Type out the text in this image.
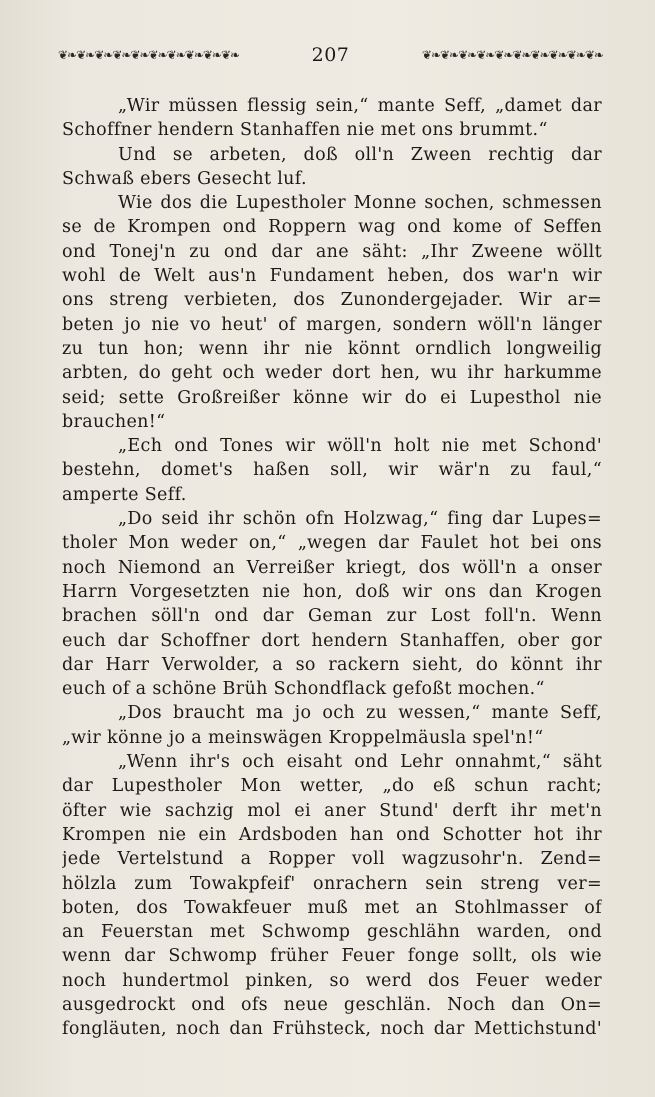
❦❧❦❧❦❧❦❧❦❧❦❧❦❧❦❧❦❧❦❧	207	❦❧❦❧❦❧❦❧❦❧❦❧❦❧❦❧❦❧❦❧
„Wir müssen flessig sein,“ mante Seff, „damet dar
Schoffner hendern Stanhaffen nie met ons brummt.“
Und se arbeten, doß oll'n Zween rechtig dar
Schwaß ebers Gesecht luf.
Wie dos die Lupestholer Monne sochen, schmessen
se de Krompen ond Roppern wag ond kome of Seffen
ond Tonej'n zu ond dar ane säht: „Ihr Zweene wöllt
wohl de Welt aus'n Fundament heben, dos war'n wir
ons streng verbieten, dos Zunondergejader. Wir ar=
beten jo nie vo heut' of margen, sondern wöll'n länger
zu tun hon; wenn ihr nie könnt orndlich longweilig
arbten, do geht och weder dort hen, wu ihr harkumme
seid; sette Großreißer könne wir do ei Lupesthol nie
brauchen!“
„Ech ond Tones wir wöll'n holt nie met Schond'
bestehn, domet's haßen soll, wir wär'n zu faul,“
amperte Seff.
„Do seid ihr schön ofn Holzwag,“ fing dar Lupes=
tholer Mon weder on,“ „wegen dar Faulet hot bei ons
noch Niemond an Verreißer kriegt, dos wöll'n a onser
Harrn Vorgesetzten nie hon, doß wir ons dan Krogen
brachen söll'n ond dar Geman zur Lost foll'n. Wenn
euch dar Schoffner dort hendern Stanhaffen, ober gor
dar Harr Verwolder, a so rackern sieht, do könnt ihr
euch of a schöne Brüh Schondflack gefoßt mochen.“
„Dos braucht ma jo och zu wessen,“ mante Seff,
„wir könne jo a meinswägen Kroppelmäusla spel'n!“
„Wenn ihr's och eisaht ond Lehr onnahmt,“ säht
dar Lupestholer Mon wetter, „do eß schun racht;
öfter wie sachzig mol ei aner Stund' derft ihr met'n
Krompen nie ein Ardsboden han ond Schotter hot ihr
jede Vertelstund a Ropper voll wagzusohr'n. Zend=
hölzla zum Towakpfeif' onrachern sein streng ver=
boten, dos Towakfeuer muß met an Stohlmasser of
an Feuerstan met Schwomp geschlähn warden, ond
wenn dar Schwomp früher Feuer fonge sollt, ols wie
noch hundertmol pinken, so werd dos Feuer weder
ausgedrockt ond ofs neue geschlän. Noch dan On=
fongläuten, noch dan Frühsteck, noch dar Mettichstund'
